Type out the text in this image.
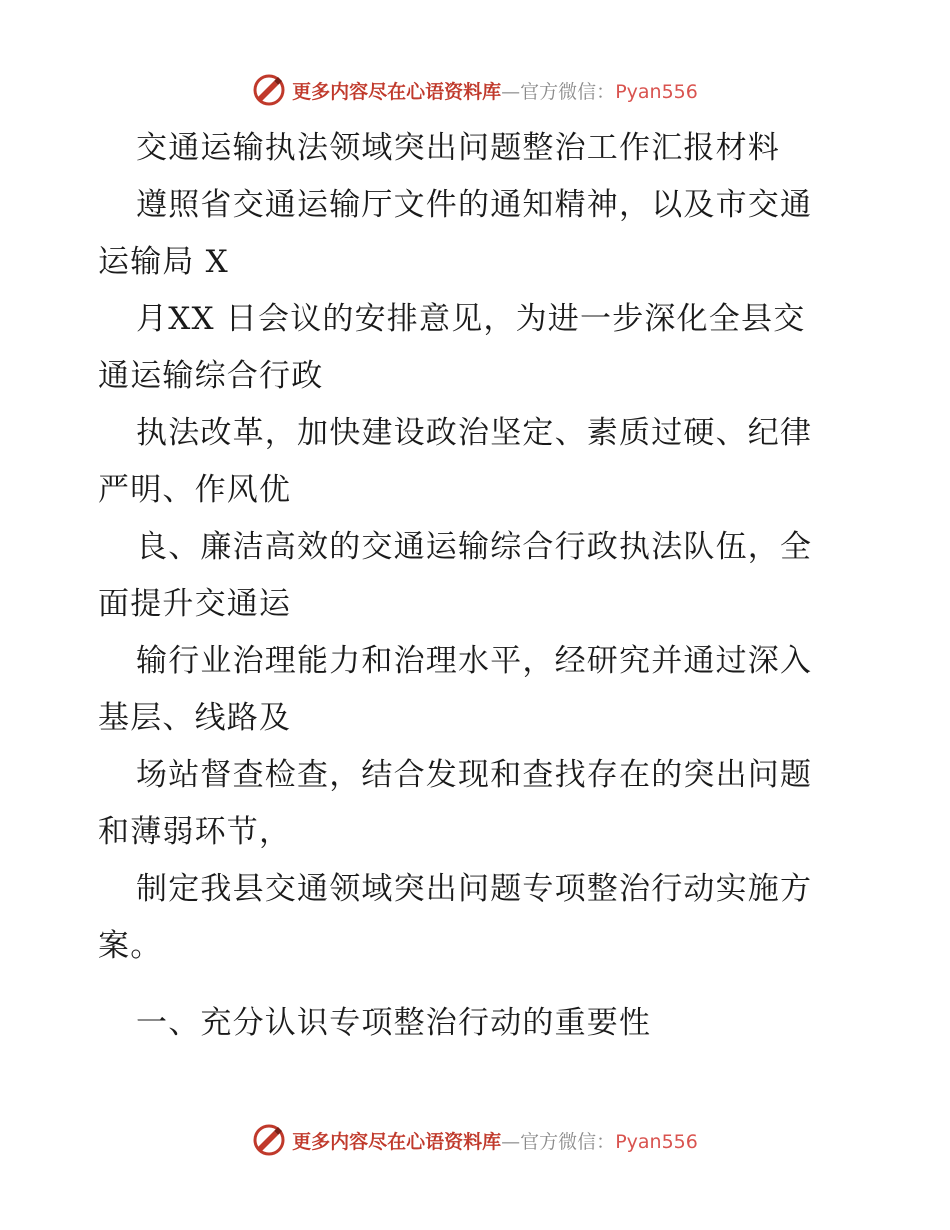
更多内容尽在心语资料库—官方微信：Pyan556
交通运输执法领域突出问题整治工作汇报材料
遵照省交通运输厅文件的通知精神，以及市交通
运输局 X
月XX 日会议的安排意见，为进一步深化全县交
通运输综合行政
执法改革，加快建设政治坚定、素质过硬、纪律
严明、作风优
良、廉洁高效的交通运输综合行政执法队伍，全
面提升交通运
输行业治理能力和治理水平，经研究并通过深入
基层、线路及
场站督查检查，结合发现和查找存在的突出问题
和薄弱环节，
制定我县交通领域突出问题专项整治行动实施方
案。
一、充分认识专项整治行动的重要性
更多内容尽在心语资料库—官方微信：Pyan556
